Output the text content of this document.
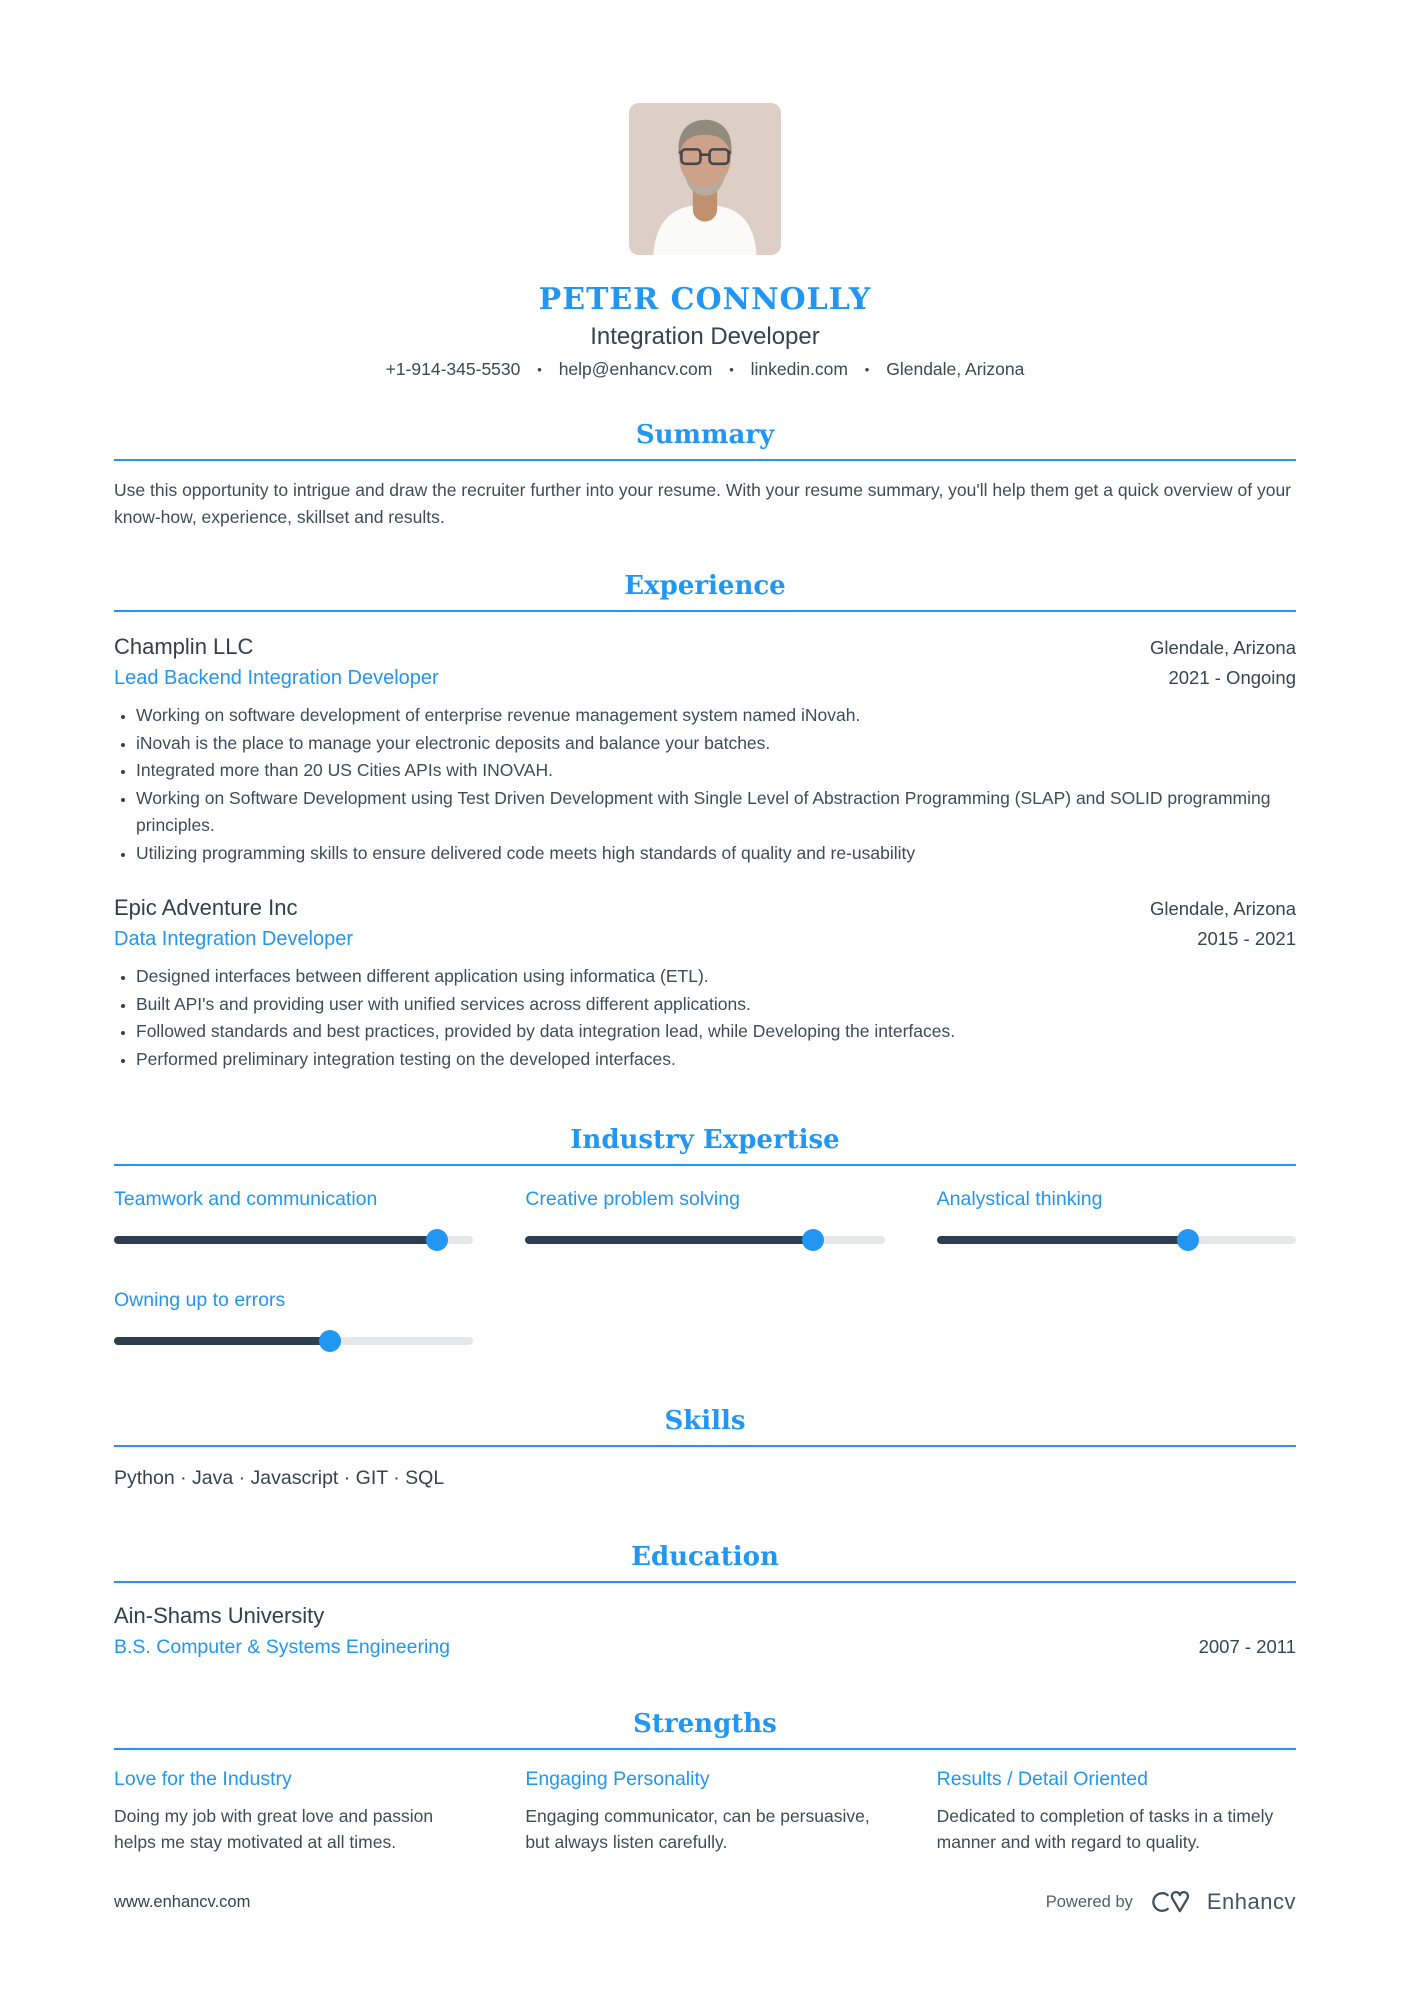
PETER CONNOLLY
Integration Developer
+1-914-345-5530 • help@enhancv.com • linkedin.com • Glendale, Arizona
Summary

Use this opportunity to intrigue and draw the recruiter further into your resume. With your resume summary, you'll help them get a quick overview of your know-how, experience, skillset and results.

Experience
Champlin LLC	Glendale, Arizona
Lead Backend Integration Developer	2021 - Ongoing
• Working on software development of enterprise revenue management system named iNovah.
• iNovah is the place to manage your electronic deposits and balance your batches.
• Integrated more than 20 US Cities APIs with INOVAH.
• Working on Software Development using Test Driven Development with Single Level of Abstraction Programming (SLAP) and SOLID programming principles.
• Utilizing programming skills to ensure delivered code meets high standards of quality and re-usability
Epic Adventure Inc	Glendale, Arizona
Data Integration Developer	2015 - 2021
• Designed interfaces between different application using informatica (ETL).
• Built API's and providing user with unified services across different applications.
• Followed standards and best practices, provided by data integration lead, while Developing the interfaces.
• Performed preliminary integration testing on the developed interfaces.
Industry Expertise
Teamwork and communication	Creative problem solving	Analystical thinking
Owning up to errors
Skills
Python · Java · Javascript · GIT · SQL
Education
Ain-Shams University
B.S. Computer & Systems Engineering	2007 - 2011
Strengths
Love for the Industry
Doing my job with great love and passion helps me stay motivated at all times.
Engaging Personality
Engaging communicator, can be persuasive, but always listen carefully.
Results / Detail Oriented
Dedicated to completion of tasks in a timely manner and with regard to quality.
www.enhancv.com	Powered by	Enhancv
